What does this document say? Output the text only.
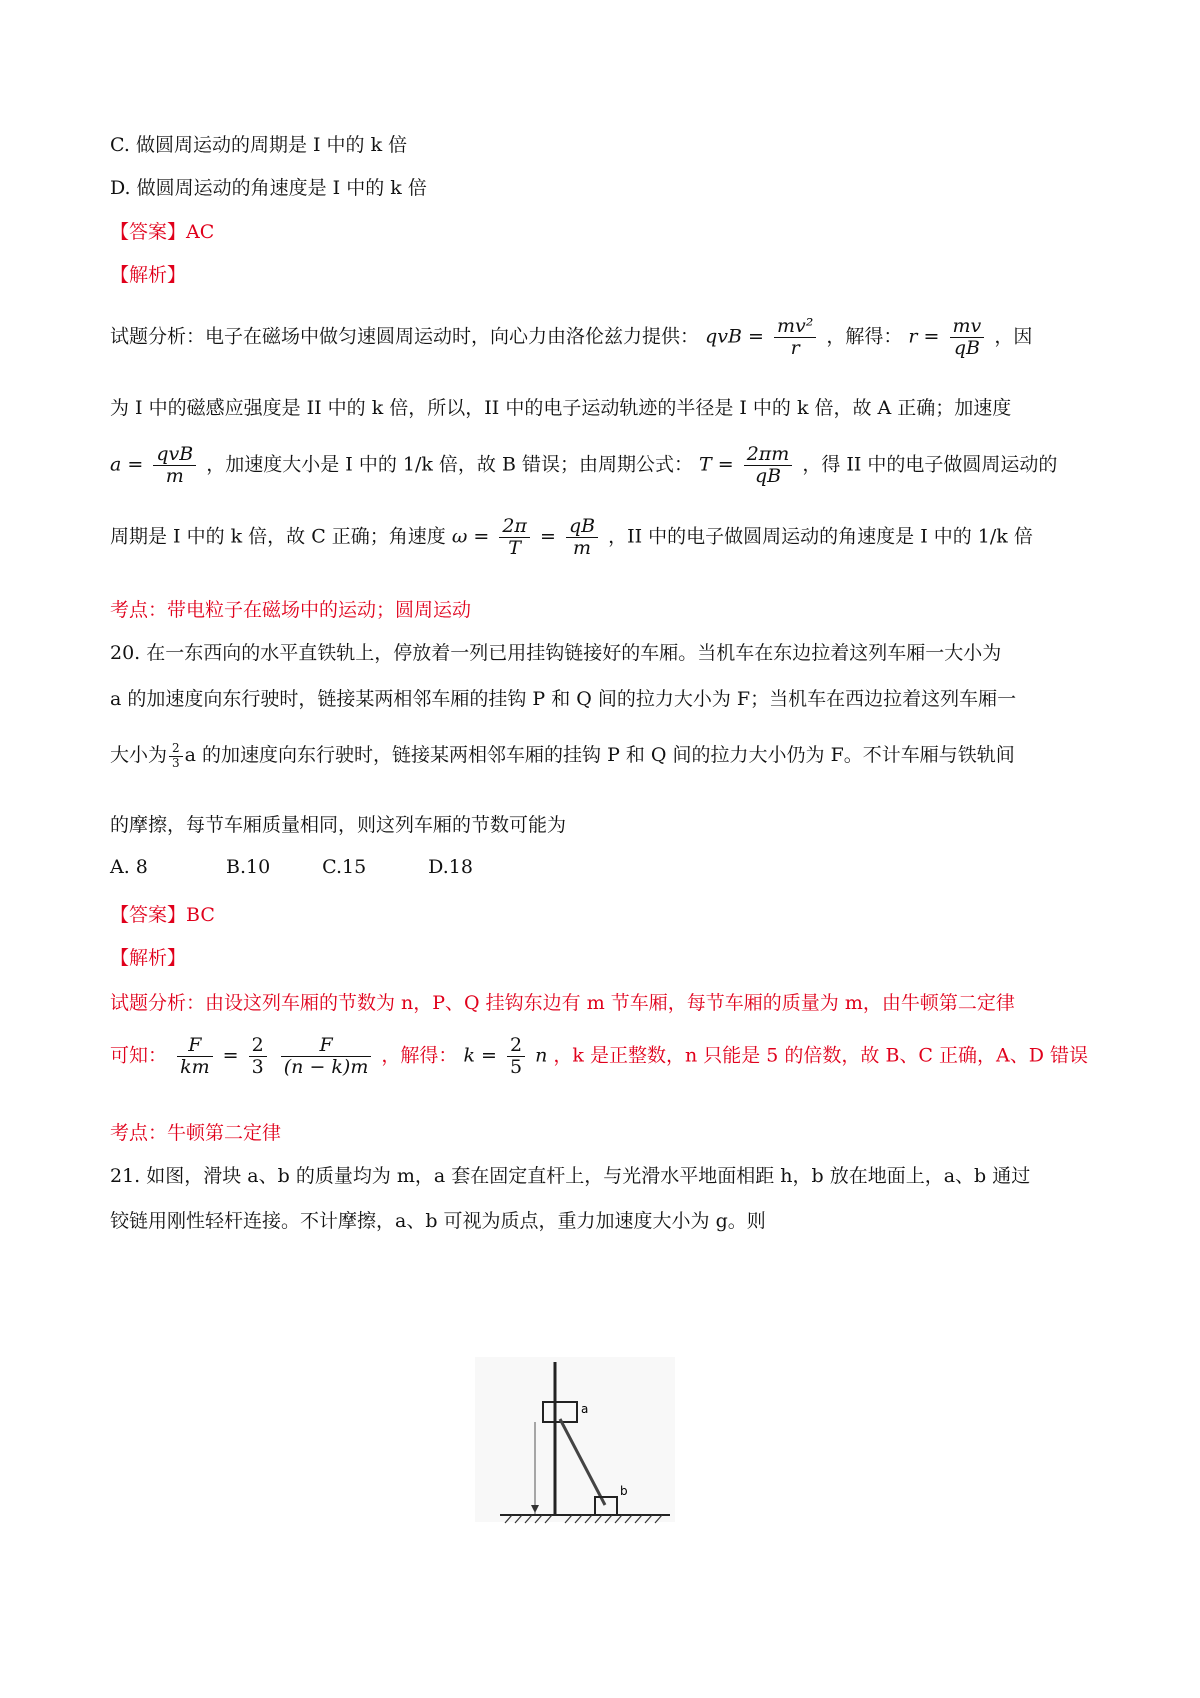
C. 做圆周运动的周期是 I 中的 k 倍
D. 做圆周运动的角速度是 I 中的 k 倍
【答案】AC
【解析】
试题分析：电子在磁场中做匀速圆周运动时，向心力由洛伦兹力提供： qvB = $\frac{\text{mv²}}{r}$ ，解得： $r = \frac{mv}{qB}$ ，因
为 I 中的磁感应强度是 II 中的 k 倍，所以，II 中的电子运动轨迹的半径是 I 中的 k 倍，故 A 正确；加速度
$a = \frac{\text{qvB}}{m}$ ，加速度大小是 I 中的 1/k 倍，故 B 错误；由周期公式： $T = \frac{2\pi m}{qB}$ ，得 II 中的电子做圆周运动的
周期是 I 中的 k 倍，故 C 正确；角速度 $\omega = \frac{2\pi}{T} = \frac{qB}{m}$ ，II 中的电子做圆周运动的角速度是 I 中的 1/k 倍
考点：带电粒子在磁场中的运动；圆周运动
20. 在一东西向的水平直铁轨上，停放着一列已用挂钩链接好的车厢。当机车在东边拉着这列车厢一大小为
a 的加速度向东行驶时，链接某两相邻车厢的挂钩 P 和 Q 间的拉力大小为 F；当机车在西边拉着这列车厢一
大小为 $\frac{2}{3}$ a 的加速度向东行驶时，链接某两相邻车厢的挂钩 P 和 Q 间的拉力大小仍为 F。不计车厢与铁轨间
的摩擦，每节车厢质量相同，则这列车厢的节数可能为
A. 8	B.10	C.15	D.18
【答案】BC
【解析】
试题分析：由设这列车厢的节数为 n，P、Q 挂钩东边有 m 节车厢，每节车厢的质量为 m，由牛顿第二定律
可知： $\frac{F}{km} = \frac{2}{3}$
$\frac{F}{(n - k)m}$ ，解得： $k = \frac{2}{5}$ n ，k 是正整数，n 只能是 5 的倍数，故 B、C 正确，A、D 错误
考点：牛顿第二定律
21. 如图，滑块 a、b 的质量均为 m，a 套在固定直杆上，与光滑水平地面相距 h，b 放在地面上，a、b 通过
铰链用刚性轻杆连接。不计摩擦，a、b 可视为质点，重力加速度大小为 g。则
a
b
